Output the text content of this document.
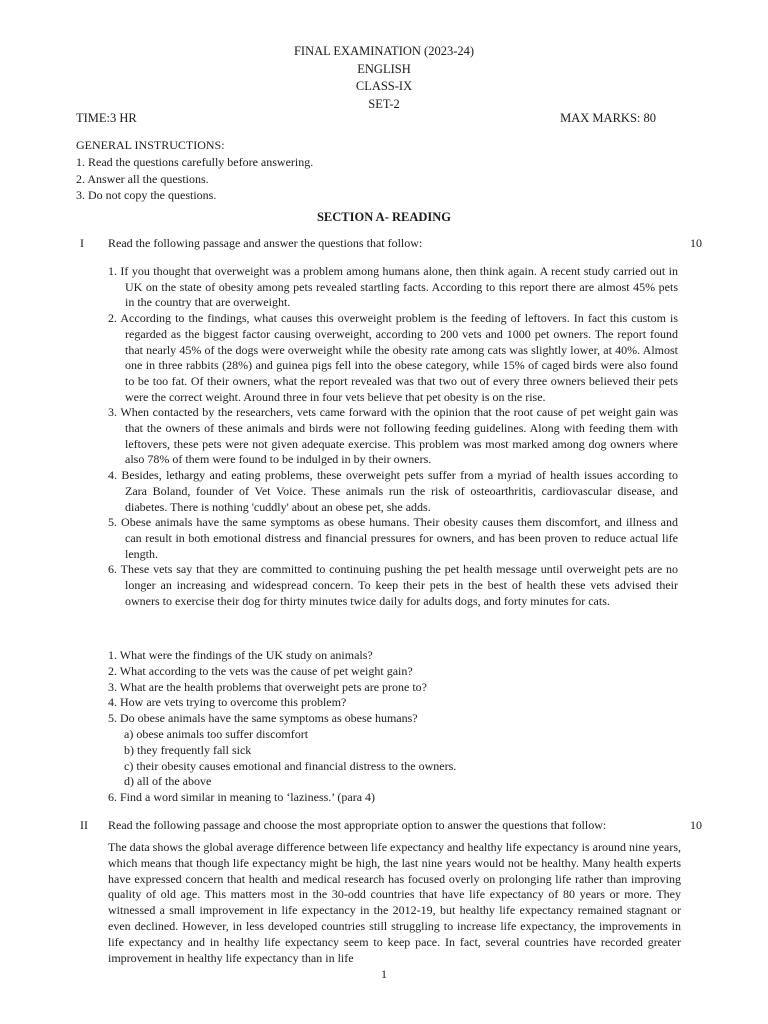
FINAL EXAMINATION (2023-24)
ENGLISH
CLASS-IX
SET-2
TIME:3 HR	MAX MARKS: 80
GENERAL INSTRUCTIONS:
1. Read the questions carefully before answering.
2. Answer all the questions.
3. Do not copy the questions.
SECTION A- READING
I Read the following passage and answer the questions that follow:	10
1. If you thought that overweight was a problem among humans alone, then think again. A recent study carried out in UK on the state of obesity among pets revealed startling facts. According to this report there are almost 45% pets in the country that are overweight.
2. According to the findings, what causes this overweight problem is the feeding of leftovers. In fact this custom is regarded as the biggest factor causing overweight, according to 200 vets and 1000 pet owners. The report found that nearly 45% of the dogs were overweight while the obesity rate among cats was slightly lower, at 40%. Almost one in three rabbits (28%) and guinea pigs fell into the obese category, while 15% of caged birds were also found to be too fat. Of their owners, what the report revealed was that two out of every three owners believed their pets were the correct weight. Around three in four vets believe that pet obesity is on the rise.
3. When contacted by the researchers, vets came forward with the opinion that the root cause of pet weight gain was that the owners of these animals and birds were not following feeding guidelines. Along with feeding them with leftovers, these pets were not given adequate exercise. This problem was most marked among dog owners where also 78% of them were found to be indulged in by their owners.
4. Besides, lethargy and eating problems, these overweight pets suffer from a myriad of health issues according to Zara Boland, founder of Vet Voice. These animals run the risk of osteoarthritis, cardiovascular disease, and diabetes. There is nothing 'cuddly' about an obese pet, she adds.
5. Obese animals have the same symptoms as obese humans. Their obesity causes them discomfort, and illness and can result in both emotional distress and financial pressures for owners, and has been proven to reduce actual life length.
6. These vets say that they are committed to continuing pushing the pet health message until overweight pets are no longer an increasing and widespread concern. To keep their pets in the best of health these vets advised their owners to exercise their dog for thirty minutes twice daily for adults dogs, and forty minutes for cats.
1. What were the findings of the UK study on animals?
2. What according to the vets was the cause of pet weight gain?
3. What are the health problems that overweight pets are prone to?
4. How are vets trying to overcome this problem?
5. Do obese animals have the same symptoms as obese humans?
a) obese animals too suffer discomfort
b) they frequently fall sick
c) their obesity causes emotional and financial distress to the owners.
d) all of the above
6. Find a word similar in meaning to ‘laziness.’ (para 4)
II Read the following passage and choose the most appropriate option to answer the questions that follow:	10
The data shows the global average difference between life expectancy and healthy life expectancy is around nine years, which means that though life expectancy might be high, the last nine years would not be healthy. Many health experts have expressed concern that health and medical research has focused overly on prolonging life rather than improving quality of old age. This matters most in the 30-odd countries that have life expectancy of 80 years or more. They witnessed a small improvement in life expectancy in the 2012-19, but healthy life expectancy remained stagnant or even declined. However, in less developed countries still struggling to increase life expectancy, the improvements in life expectancy and in healthy life expectancy seem to keep pace. In fact, several countries have recorded greater improvement in healthy life expectancy than in life
1
